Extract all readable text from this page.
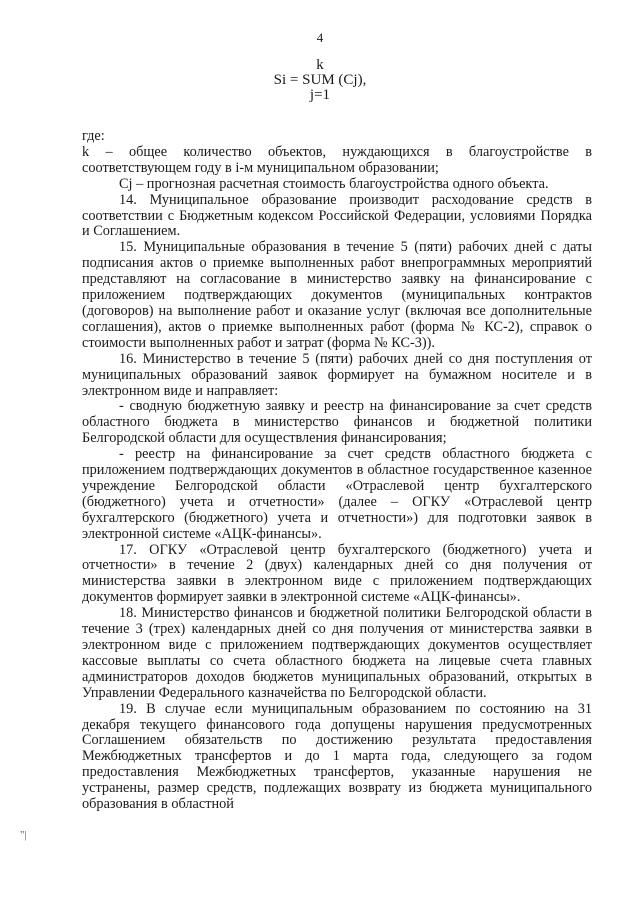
4
k
Si = SUM (Cj),
j=1

где:

k – общее количество объектов, нуждающихся в благоустройстве в соответствующем году в i-м муниципальном образовании;

Cj – прогнозная расчетная стоимость благоустройства одного объекта.

14. Муниципальное образование производит расходование средств в соответствии с Бюджетным кодексом Российской Федерации, условиями Порядка и Соглашением.

15. Муниципальные образования в течение 5 (пяти) рабочих дней с даты подписания актов о приемке выполненных работ внепрограммных мероприятий представляют на согласование в министерство заявку на финансирование с приложением подтверждающих документов (муниципальных контрактов (договоров) на выполнение работ и оказание услуг (включая все дополнительные соглашения), актов о приемке выполненных работ (форма № КС-2), справок о стоимости выполненных работ и затрат (форма № КС-3)).

16. Министерство в течение 5 (пяти) рабочих дней со дня поступления от муниципальных образований заявок формирует на бумажном носителе и в электронном виде и направляет:

- сводную бюджетную заявку и реестр на финансирование за счет средств областного бюджета в министерство финансов и бюджетной политики Белгородской области для осуществления финансирования;

- реестр на финансирование за счет средств областного бюджета с приложением подтверждающих документов в областное государственное казенное учреждение Белгородской области «Отраслевой центр бухгалтерского (бюджетного) учета и отчетности» (далее – ОГКУ «Отраслевой центр бухгалтерского (бюджетного) учета и отчетности») для подготовки заявок в электронной системе «АЦК-финансы».

17. ОГКУ «Отраслевой центр бухгалтерского (бюджетного) учета и отчетности» в течение 2 (двух) календарных дней со дня получения от министерства заявки в электронном виде с приложением подтверждающих документов формирует заявки в электронной системе «АЦК-финансы».

18. Министерство финансов и бюджетной политики Белгородской области в течение 3 (трех) календарных дней со дня получения от министерства заявки в электронном виде с приложением подтверждающих документов осуществляет кассовые выплаты со счета областного бюджета на лицевые счета главных администраторов доходов бюджетов муниципальных образований, открытых в Управлении Федерального казначейства по Белгородской области.

19. В случае если муниципальным образованием по состоянию на 31 декабря текущего финансового года допущены нарушения предусмотренных Соглашением обязательств по достижению результата предоставления Межбюджетных трансфертов и до 1 марта года, следующего за годом предоставления Межбюджетных трансфертов, указанные нарушения не устранены, размер средств, подлежащих возврату из бюджета муниципального образования в областной

"|
